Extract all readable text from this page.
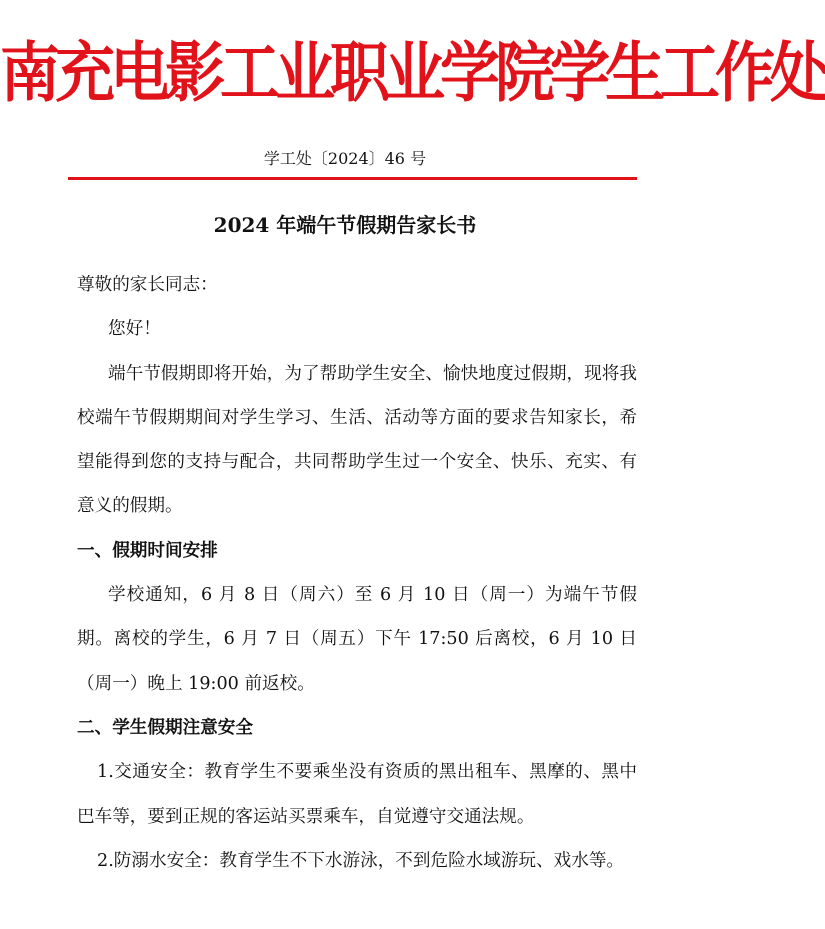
南充电影工业职业学院学生工作处
学工处〔2024〕46 号
2024 年端午节假期告家长书

尊敬的家长同志：

您好！

端午节假期即将开始，为了帮助学生安全、愉快地度过假期，现将我校端午节假期期间对学生学习、生活、活动等方面的要求告知家长，希望能得到您的支持与配合，共同帮助学生过一个安全、快乐、充实、有意义的假期。

一、假期时间安排

学校通知，6 月 8 日（周六）至 6 月 10 日（周一）为端午节假期。离校的学生，6 月 7 日（周五）下午 17:50 后离校，6 月 10 日（周一）晚上 19:00 前返校。

二、学生假期注意安全

1.交通安全：教育学生不要乘坐没有资质的黑出租车、黑摩的、黑中巴车等，要到正规的客运站买票乘车，自觉遵守交通法规。

2.防溺水安全：教育学生不下水游泳，不到危险水域游玩、戏水等。
